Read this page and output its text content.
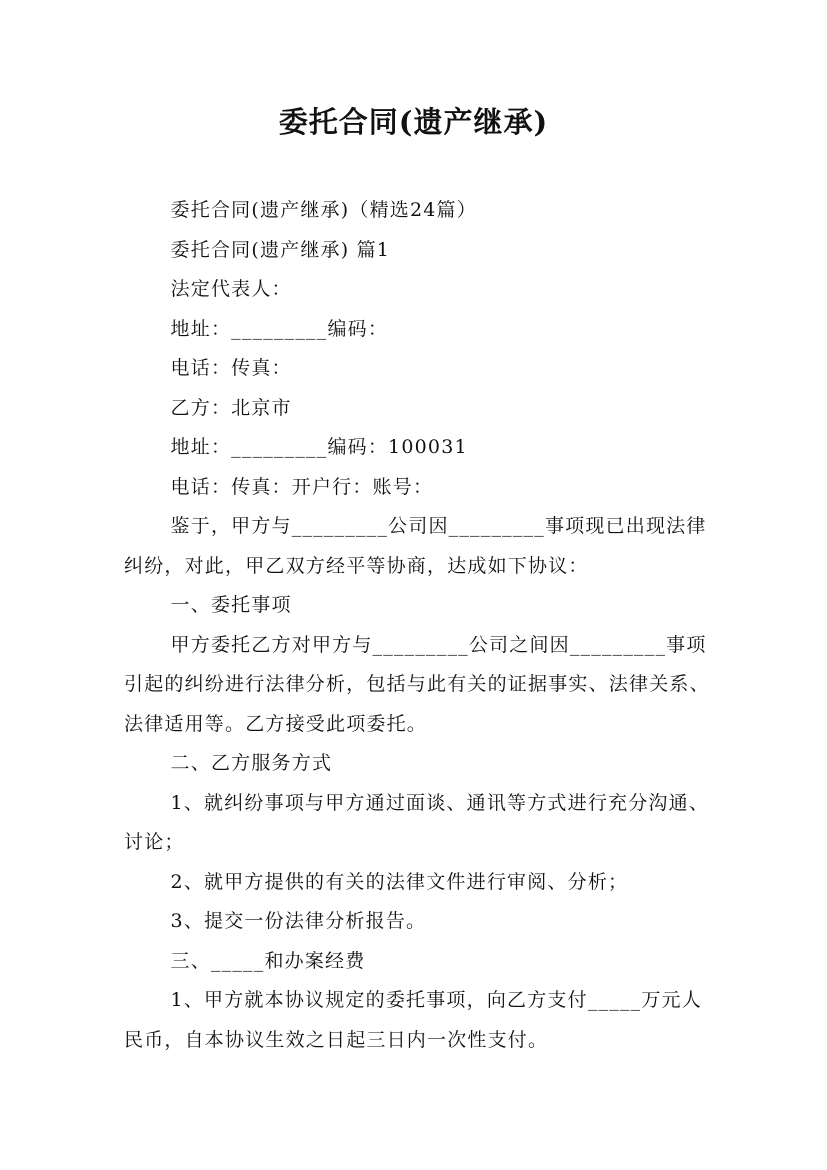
委托合同(遗产继承)

委托合同(遗产继承)（精选24篇）

委托合同(遗产继承) 篇1

法定代表人：

地址：_________编码：

电话：传真：

乙方：北京市

地址：_________编码：100031

电话：传真：开户行：账号：

鉴于，甲方与_________公司因_________事项现已出现法律纠纷，对此，甲乙双方经平等协商，达成如下协议：

一、委托事项

甲方委托乙方对甲方与_________公司之间因_________事项引起的纠纷进行法律分析，包括与此有关的证据事实、法律关系、法律适用等。乙方接受此项委托。

二、乙方服务方式

1、就纠纷事项与甲方通过面谈、通讯等方式进行充分沟通、讨论；

2、就甲方提供的有关的法律文件进行审阅、分析；

3、提交一份法律分析报告。

三、_____和办案经费

1、甲方就本协议规定的委托事项，向乙方支付_____万元人民币，自本协议生效之日起三日内一次性支付。
